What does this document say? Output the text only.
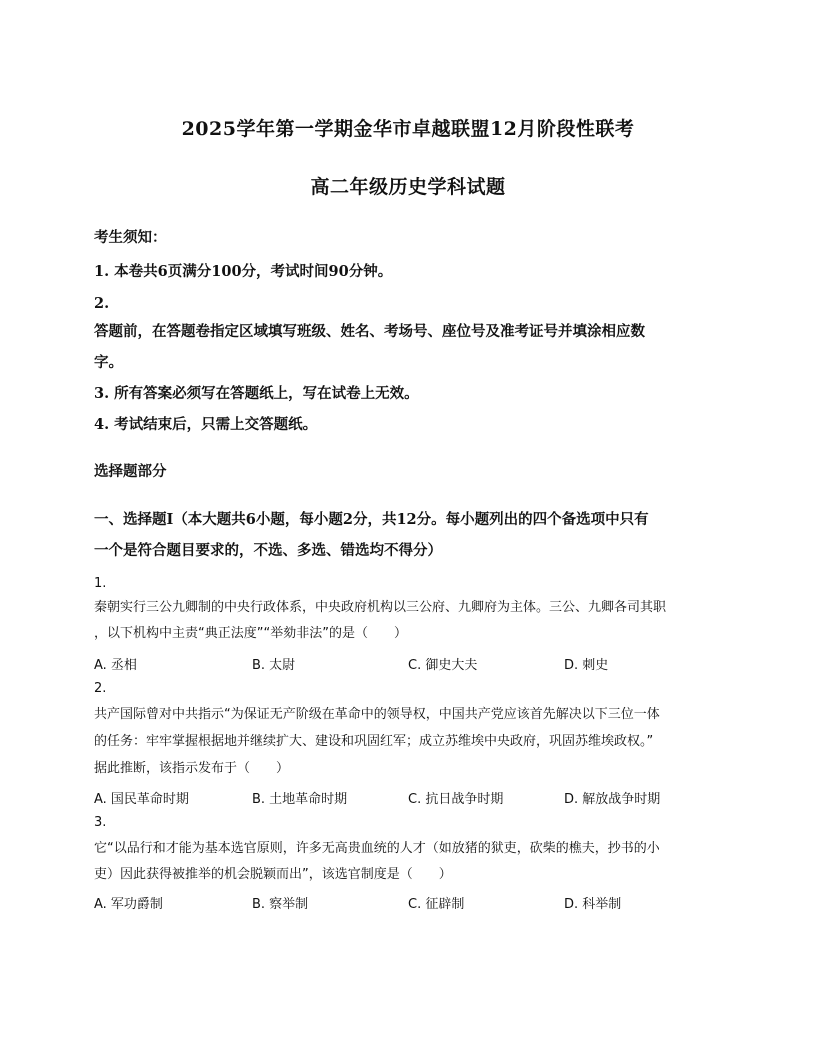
2025学年第一学期金华市卓越联盟12月阶段性联考
高二年级历史学科试题
考生须知：
1. 本卷共6页满分100分，考试时间90分钟。
2.
答题前，在答题卷指定区域填写班级、姓名、考场号、座位号及准考证号并填涂相应数
字。
3. 所有答案必须写在答题纸上，写在试卷上无效。
4. 考试结束后，只需上交答题纸。
选择题部分
一、选择题Ⅰ（本大题共6小题，每小题2分，共12分。每小题列出的四个备选项中只有
一个是符合题目要求的，不选、多选、错选均不得分）
1.
秦朝实行三公九卿制的中央行政体系，中央政府机构以三公府、九卿府为主体。三公、九卿各司其职
，以下机构中主责“典正法度”“举劾非法”的是（　　）
A. 丞相	B. 太尉	C. 御史大夫	D. 刺史
2.
共产国际曾对中共指示“为保证无产阶级在革命中的领导权，中国共产党应该首先解决以下三位一体
的任务：牢牢掌握根据地并继续扩大、建设和巩固红军；成立苏维埃中央政府，巩固苏维埃政权。”
据此推断，该指示发布于（　　）
A. 国民革命时期	B. 土地革命时期	C. 抗日战争时期	D. 解放战争时期
3.
它“以品行和才能为基本选官原则，许多无高贵血统的人才（如放猪的狱吏，砍柴的樵夫，抄书的小
吏）因此获得被推举的机会脱颖而出”，该选官制度是（　　）
A. 军功爵制	B. 察举制	C. 征辟制	D. 科举制
